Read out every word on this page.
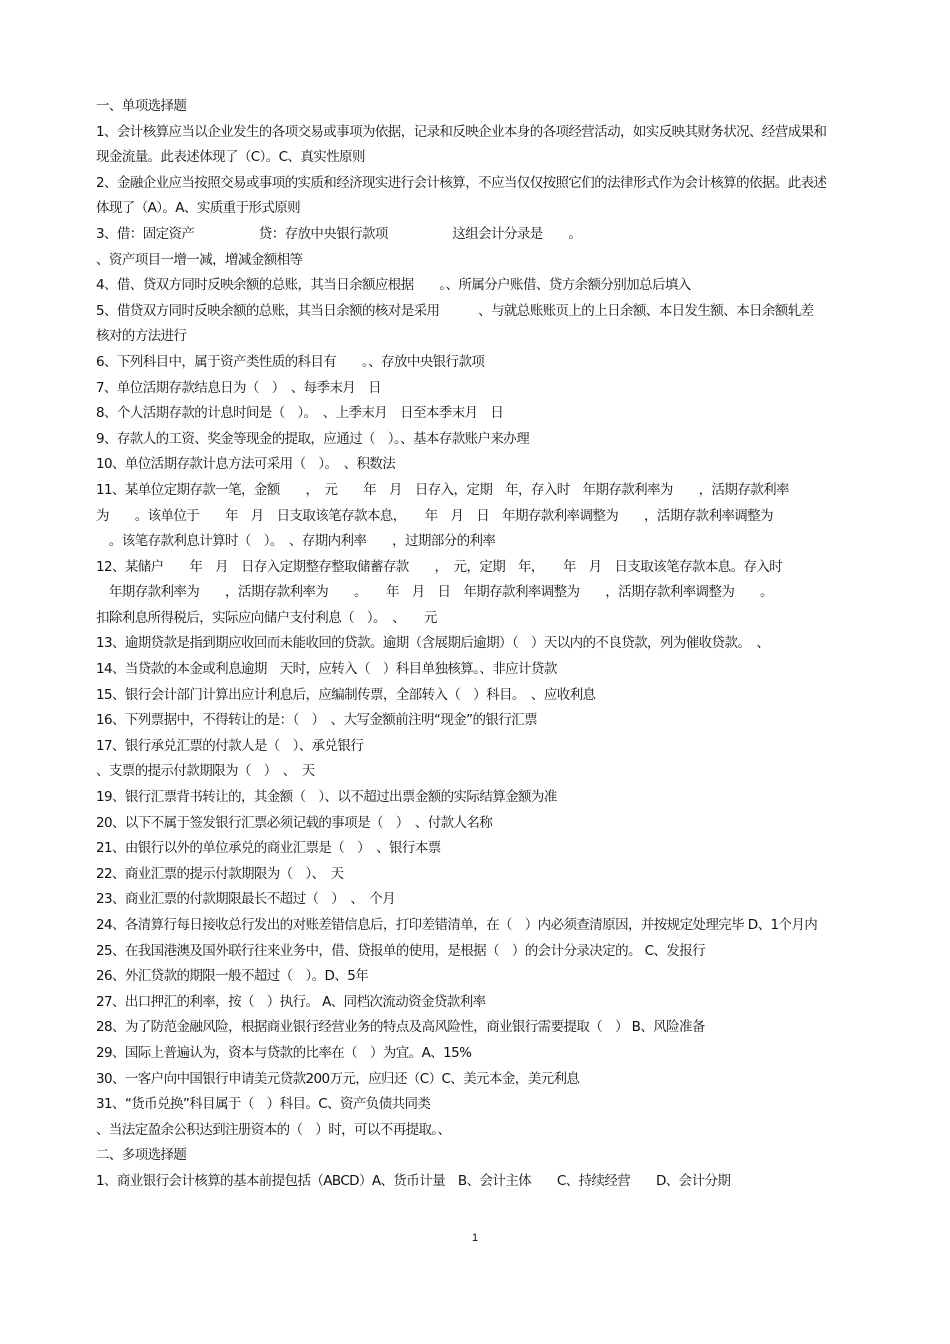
一、单项选择题
1、会计核算应当以企业发生的各项交易或事项为依据，记录和反映企业本身的各项经营活动，如实反映其财务状况、经营成果和
现金流量。此表述体现了（C）。C、真实性原则
2、金融企业应当按照交易或事项的实质和经济现实进行会计核算，不应当仅仅按照它们的法律形式作为会计核算的依据。此表述
体现了（A）。A、实质重于形式原则
3、借：固定资产　　　　　贷：存放中央银行款项　　　　　这组会计分录是　　。
、资产项目一增一减，增减金额相等
4、借、贷双方同时反映余额的总账，其当日余额应根据　　。、所属分户账借、贷方余额分别加总后填入
5、借贷双方同时反映余额的总账，其当日余额的核对是采用　　　、与就总账账页上的上日余额、本日发生额、本日余额轧差
核对的方法进行
6、下列科目中，属于资产类性质的科目有　　。、存放中央银行款项
7、单位活期存款结息日为（　）　、每季末月　日
8、个人活期存款的计息时间是（　）。　、上季末月　日至本季末月　日
9、存款人的工资、奖金等现金的提取，应通过（　）。、基本存款账户来办理
10、单位活期存款计息方法可采用（　）。　、积数法
11、某单位定期存款一笔，金额　　，　元　　年　月　日存入，定期　年，存入时　年期存款利率为　　，活期存款利率
为　　。该单位于　　年　月　日支取该笔存款本息，　　年　月　日　年期存款利率调整为　　，活期存款利率调整为
　。该笔存款利息计算时（　）。　、存期内利率　　，过期部分的利率
12、某储户　　年　月　日存入定期整存整取储蓄存款　　，　元，定期　年，　　年　月　日支取该笔存款本息。存入时
　年期存款利率为　　，活期存款利率为　　。　　年　月　日　年期存款利率调整为　　，活期存款利率调整为　　。
扣除利息所得税后，实际应向储户支付利息（　）。　、　　元
13、逾期贷款是指到期应收回而未能收回的贷款。逾期（含展期后逾期）（　）天以内的不良贷款，列为催收贷款。　、
14、当贷款的本金或利息逾期　天时，应转入（　）科目单独核算。、非应计贷款
15、银行会计部门计算出应计利息后，应编制传票，全部转入（　）科目。　、应收利息
16、下列票据中，不得转让的是：（　）　、大写金额前注明“现金”的银行汇票
17、银行承兑汇票的付款人是（　）、承兑银行
、支票的提示付款期限为（　）　、　天
19、银行汇票背书转让的，其金额（　）、以不超过出票金额的实际结算金额为准
20、以下不属于签发银行汇票必须记载的事项是（　）　、付款人名称
21、由银行以外的单位承兑的商业汇票是（　）　、银行本票
22、商业汇票的提示付款期限为（　）、　天
23、商业汇票的付款期限最长不超过（　）　、　个月
24、各清算行每日接收总行发出的对账差错信息后，打印差错清单，在（　）内必须查清原因，并按规定处理完毕 D、1个月内
25、在我国港澳及国外联行往来业务中，借、贷报单的使用，是根据（　）的会计分录决定的。 C、发报行
26、外汇贷款的期限一般不超过（　）。D、5年
27、出口押汇的利率，按（　）执行。 A、同档次流动资金贷款利率
28、为了防范金融风险，根据商业银行经营业务的特点及高风险性，商业银行需要提取（　） B、风险准备
29、国际上普遍认为，资本与贷款的比率在（　）为宜。A、15%
30、一客户向中国银行申请美元贷款200万元，应归还（C）C、美元本金，美元利息
31、“货币兑换”科目属于（　）科目。C、资产负债共同类
、当法定盈余公积达到注册资本的（　）时，可以不再提取。、
二、多项选择题
1、商业银行会计核算的基本前提包括（ABCD）A、货币计量　B、会计主体　　C、持续经营　　D、会计分期
1
